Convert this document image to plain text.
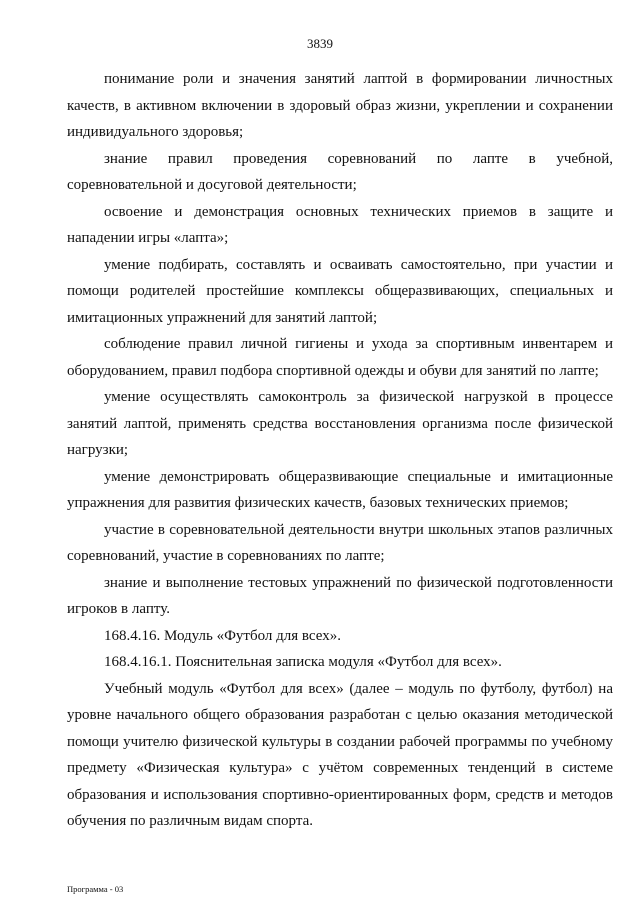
3839

понимание роли и значения занятий лаптой в формировании личностных качеств, в активном включении в здоровый образ жизни, укреплении и сохранении индивидуального здоровья;

знание правил проведения соревнований по лапте в учебной, соревновательной и досуговой деятельности;

освоение и демонстрация основных технических приемов в защите и нападении игры «лапта»;

умение подбирать, составлять и осваивать самостоятельно, при участии и помощи родителей простейшие комплексы общеразвивающих, специальных и имитационных упражнений для занятий лаптой;

соблюдение правил личной гигиены и ухода за спортивным инвентарем и оборудованием, правил подбора спортивной одежды и обуви для занятий по лапте;

умение осуществлять самоконтроль за физической нагрузкой в процессе занятий лаптой, применять средства восстановления организма после физической нагрузки;

умение демонстрировать общеразвивающие специальные и имитационные упражнения для развития физических качеств, базовых технических приемов;

участие в соревновательной деятельности внутри школьных этапов различных соревнований, участие в соревнованиях по лапте;

знание и выполнение тестовых упражнений по физической подготовленности игроков в лапту.

168.4.16. Модуль «Футбол для всех».

168.4.16.1. Пояснительная записка модуля «Футбол для всех».

Учебный модуль «Футбол для всех» (далее – модуль по футболу, футбол) на уровне начального общего образования разработан с целью оказания методической помощи учителю физической культуры в создании рабочей программы по учебному предмету «Физическая культура» с учётом современных тенденций в системе образования и использования спортивно-ориентированных форм, средств и методов обучения по различным видам спорта.

Программа - 03
